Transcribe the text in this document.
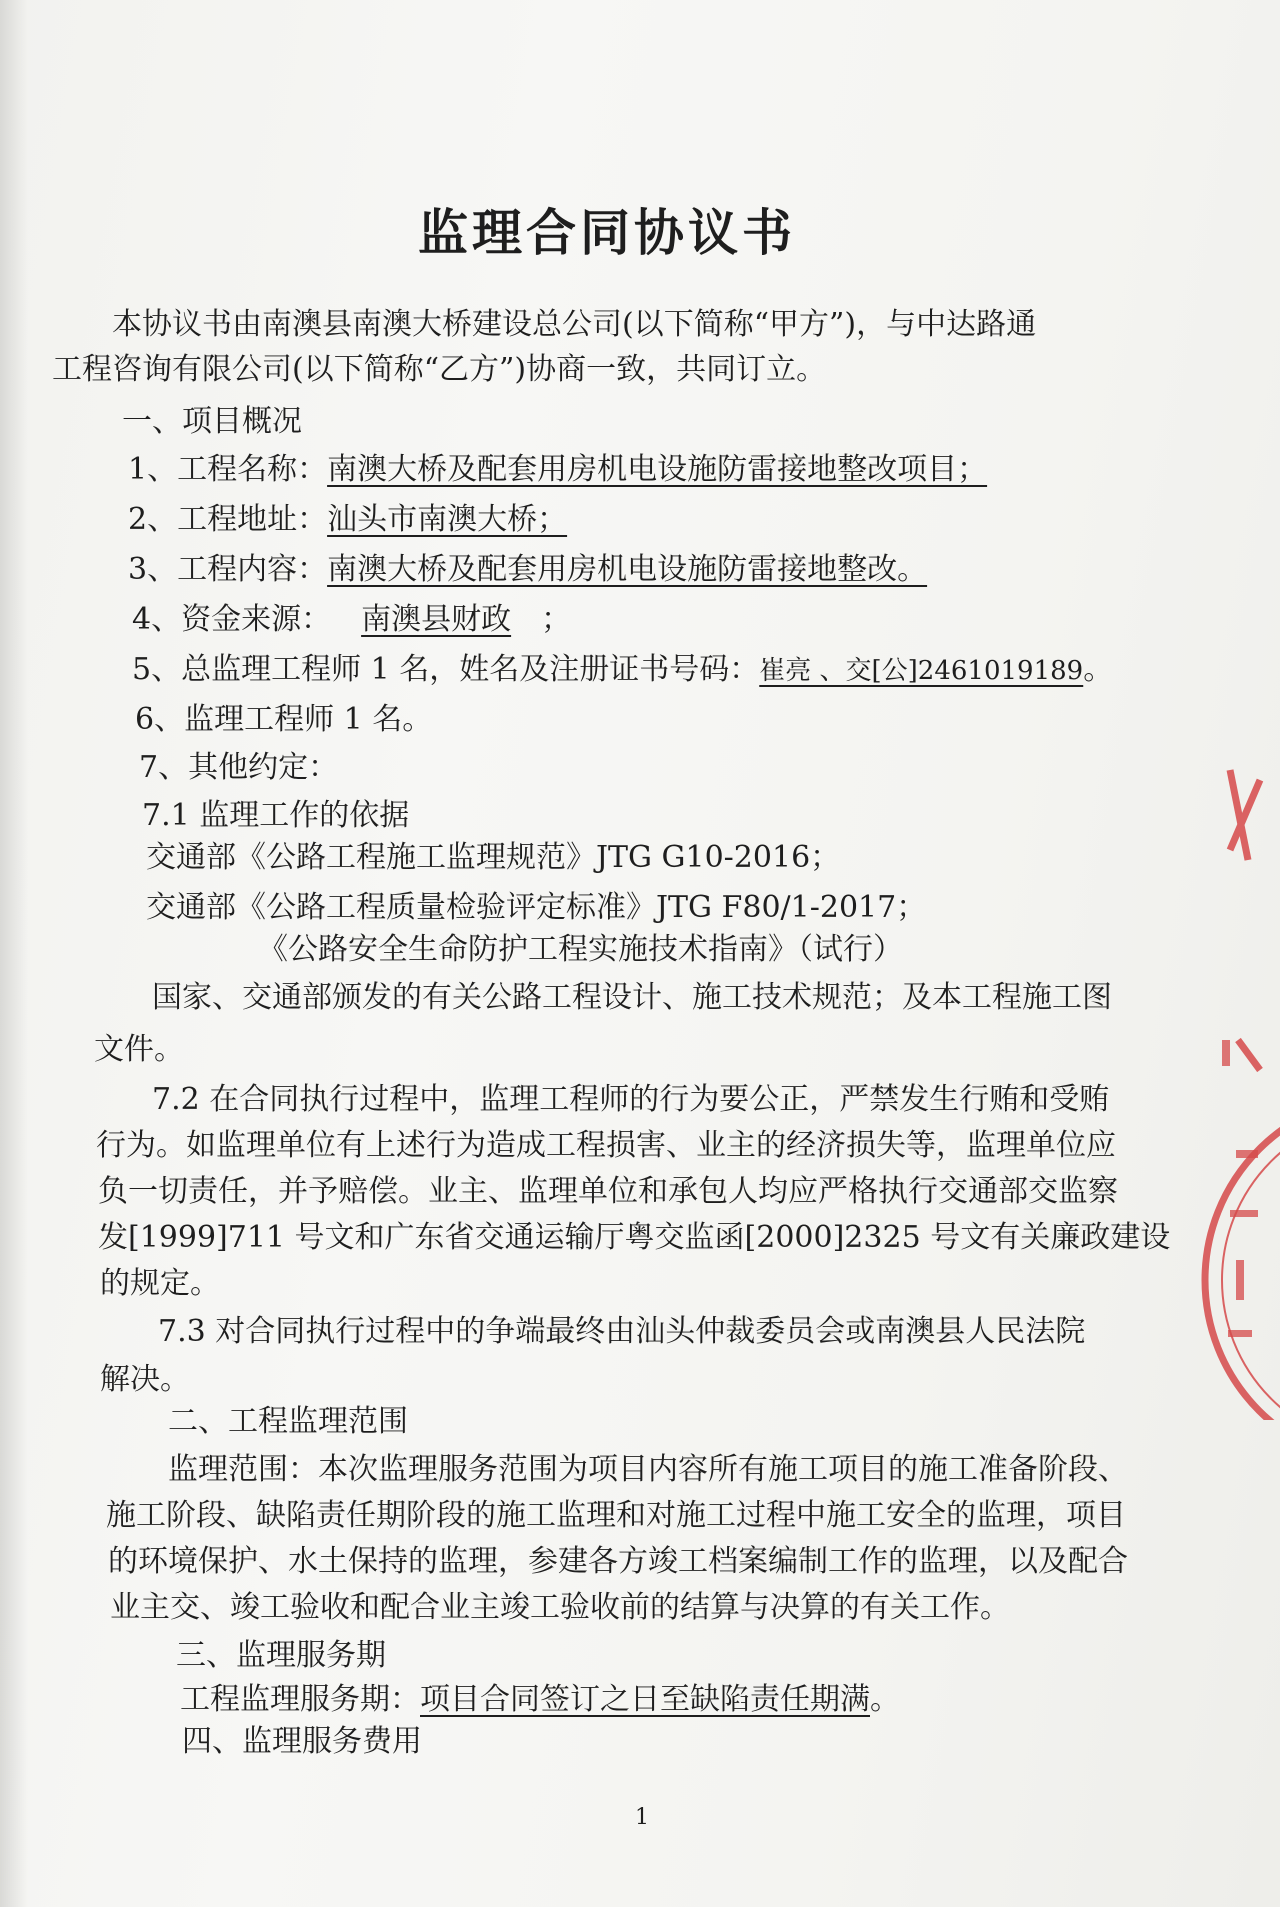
监理合同协议书
本协议书由南澳县南澳大桥建设总公司(以下简称“甲方”)，与中达路通
工程咨询有限公司(以下简称“乙方”)协商一致，共同订立。
一、项目概况
1、工程名称：南澳大桥及配套用房机电设施防雷接地整改项目；
2、工程地址：汕头市南澳大桥；
3、工程内容：南澳大桥及配套用房机电设施防雷接地整改。
4、资金来源： 南澳县财政 ；
5、总监理工程师 1 名，姓名及注册证书号码：崔亮 、交[公]2461019189。
6、监理工程师 1 名。
7、其他约定：
7.1 监理工作的依据
交通部《公路工程施工监理规范》JTG G10-2016；
交通部《公路工程质量检验评定标准》JTG F80/1-2017；
《公路安全生命防护工程实施技术指南》（试行）
国家、交通部颁发的有关公路工程设计、施工技术规范；及本工程施工图
文件。
7.2 在合同执行过程中，监理工程师的行为要公正，严禁发生行贿和受贿
行为。如监理单位有上述行为造成工程损害、业主的经济损失等，监理单位应
负一切责任，并予赔偿。业主、监理单位和承包人均应严格执行交通部交监察
发[1999]711 号文和广东省交通运输厅粤交监函[2000]2325 号文有关廉政建设
的规定。
7.3 对合同执行过程中的争端最终由汕头仲裁委员会或南澳县人民法院
解决。
二、工程监理范围
监理范围：本次监理服务范围为项目内容所有施工项目的施工准备阶段、
施工阶段、缺陷责任期阶段的施工监理和对施工过程中施工安全的监理，项目
的环境保护、水土保持的监理，参建各方竣工档案编制工作的监理，以及配合
业主交、竣工验收和配合业主竣工验收前的结算与决算的有关工作。
三、监理服务期
工程监理服务期：项目合同签订之日至缺陷责任期满。
四、监理服务费用
1
